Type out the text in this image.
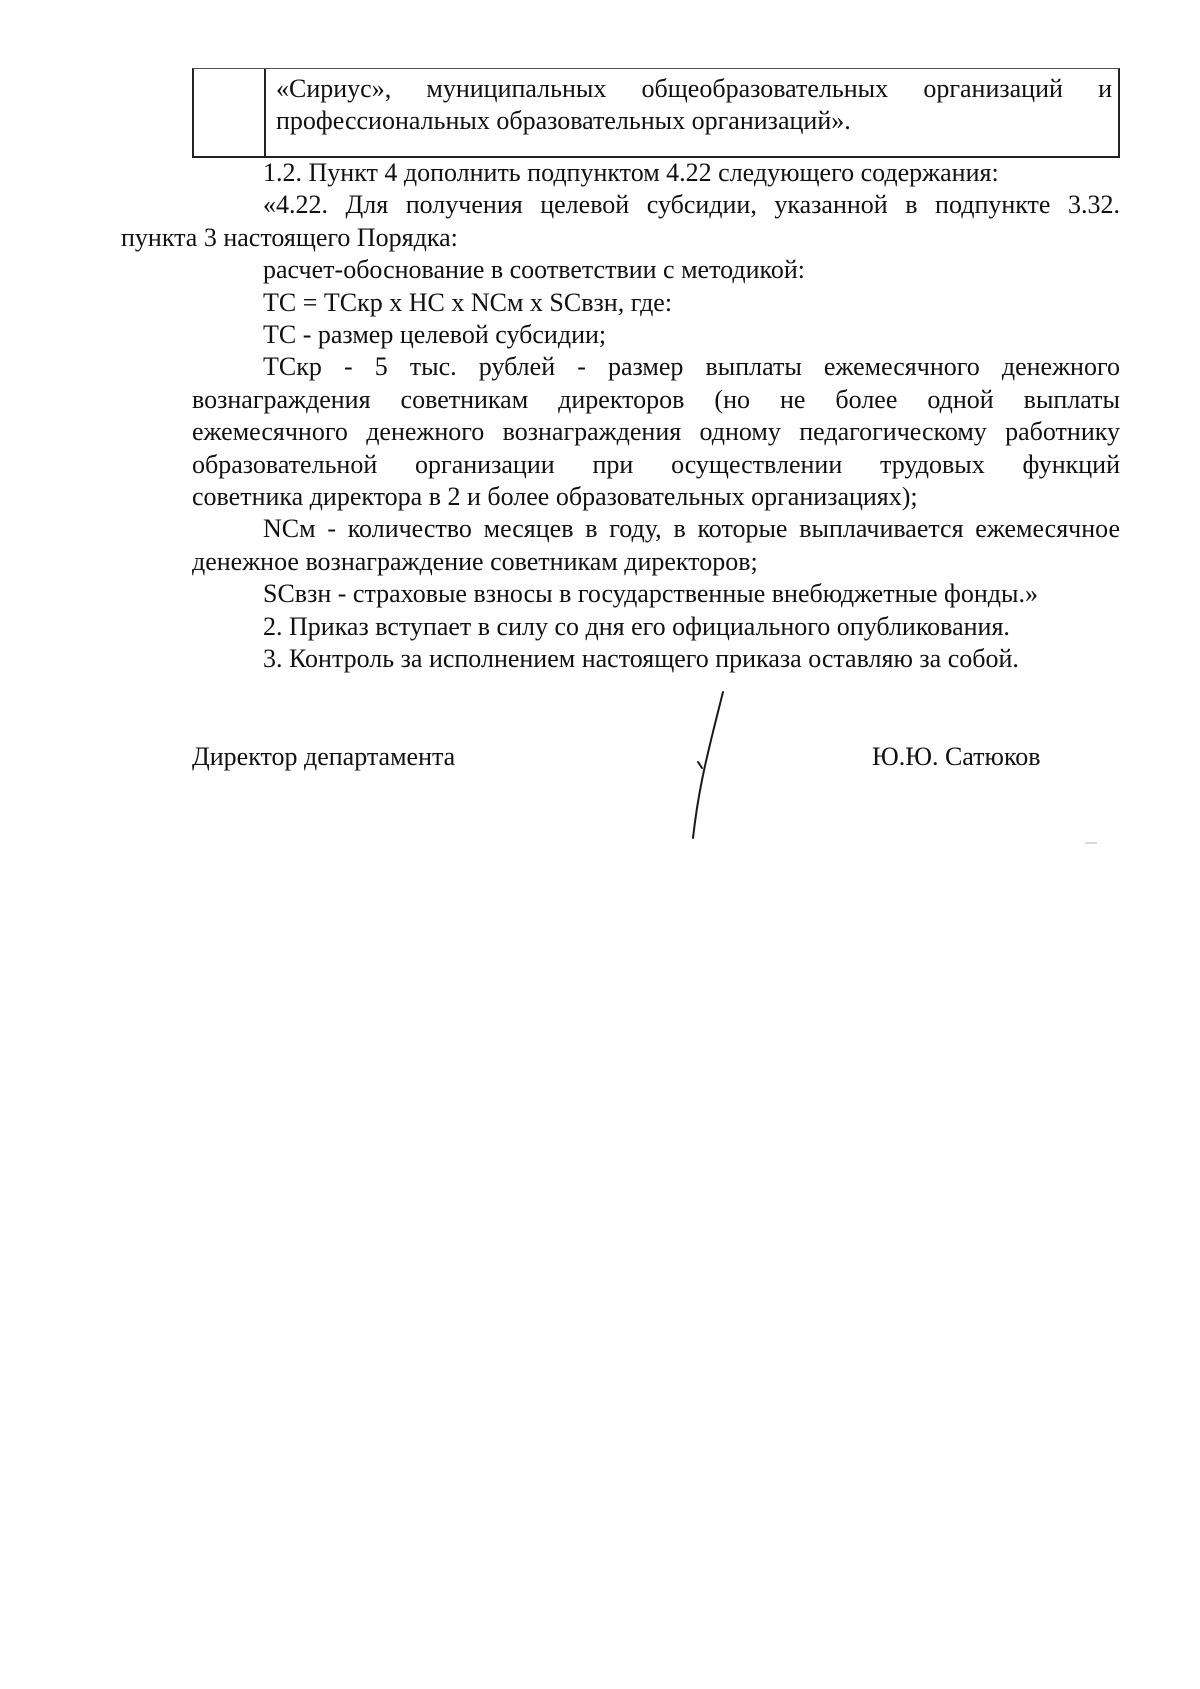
«Сириус», муниципальных общеобразовательных организаций и
профессиональных образовательных организаций».

1.2. Пункт 4 дополнить подпунктом 4.22 следующего содержания:

«4.22. Для получения целевой субсидии, указанной в подпункте 3.32.
пункта 3 настоящего Порядка:

расчет-обоснование в соответствии с методикой:

ТС = ТСкр х НС х NСм х SСвзн, где:

ТС - размер целевой субсидии;

ТСкр - 5 тыс. рублей - размер выплаты ежемесячного денежного
вознаграждения советникам директоров (но не более одной выплаты
ежемесячного денежного вознаграждения одному педагогическому работнику
образовательной организации при осуществлении трудовых функций
советника директора в 2 и более образовательных организациях);

NСм - количество месяцев в году, в которые выплачивается ежемесячное
денежное вознаграждение советникам директоров;

SСвзн - страховые взносы в государственные внебюджетные фонды.»

2. Приказ вступает в силу со дня его официального опубликования.

3. Контроль за исполнением настоящего приказа оставляю за собой.

Директор департамента	Ю.Ю. Сатюков
